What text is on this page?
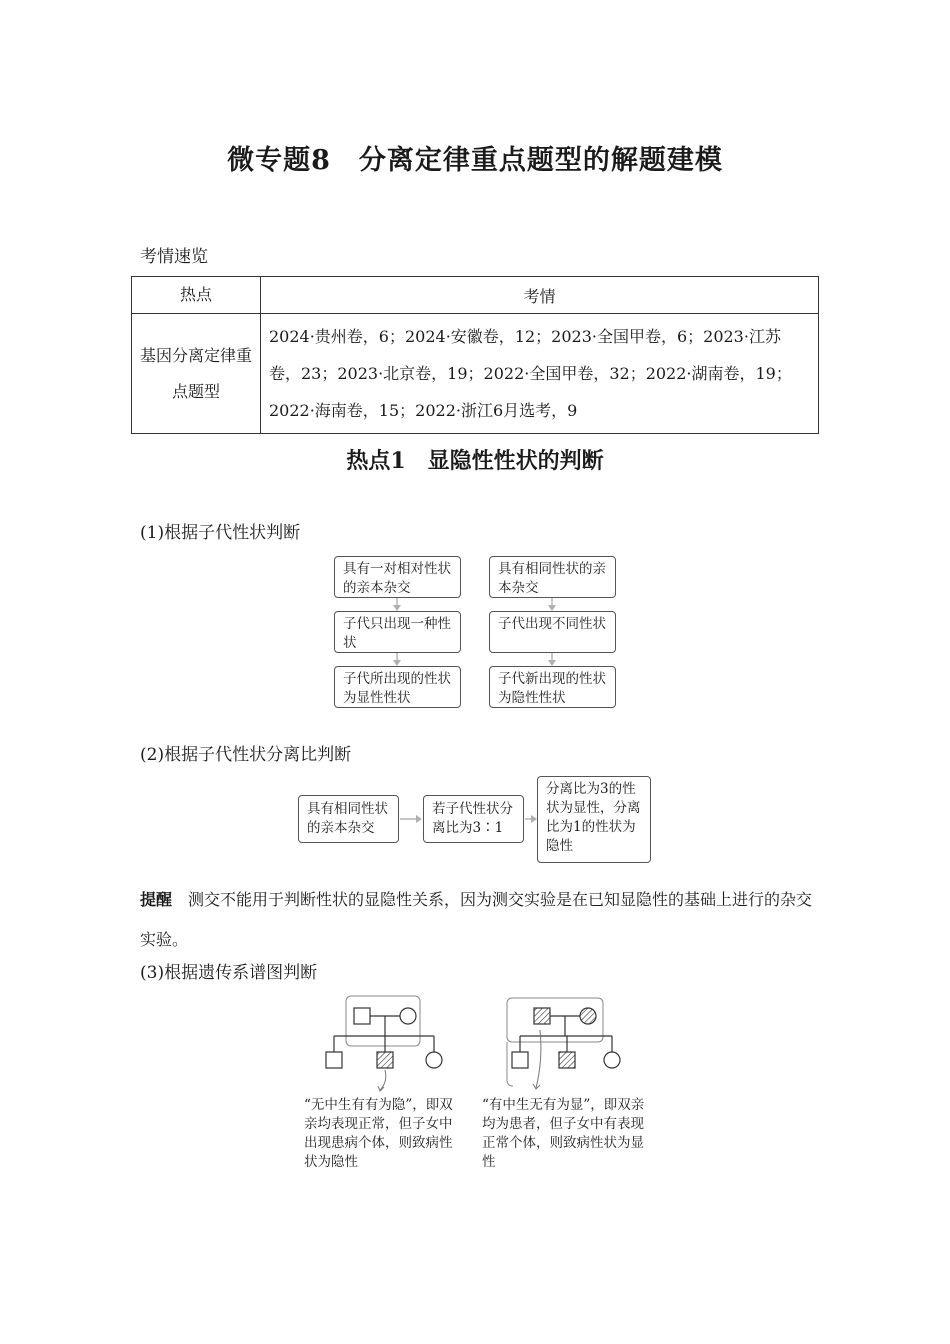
微专题8　分离定律重点题型的解题建模
考情速览
热点	考情
基因分离定律重点题型	2024·贵州卷，6；2024·安徽卷，12；2023·全国甲卷，6；2023·江苏卷，23；2023·北京卷，19；2022·全国甲卷，32；2022·湖南卷，19；2022·海南卷，15；2022·浙江6月选考，9
热点1　显隐性性状的判断
(1)根据子代性状判断
具有一对相对性状的亲本杂交
子代只出现一种性状
子代所出现的性状为显性性状
具有相同性状的亲本杂交
子代出现不同性状
子代新出现的性状为隐性性状
(2)根据子代性状分离比判断
具有相同性状的亲本杂交
若子代性状分离比为3∶1
分离比为3的性状为显性，分离比为1的性状为隐性
提醒　 测交不能用于判断性状的显隐性关系，因为测交实验是在已知显隐性的基础上进行的杂交实验。
(3)根据遗传系谱图判断
“无中生有有为隐”，即双亲均表现正常，但子女中出现患病个体，则致病性状为隐性
“有中生无有为显”，即双亲均为患者，但子女中有表现正常个体，则致病性状为显性
